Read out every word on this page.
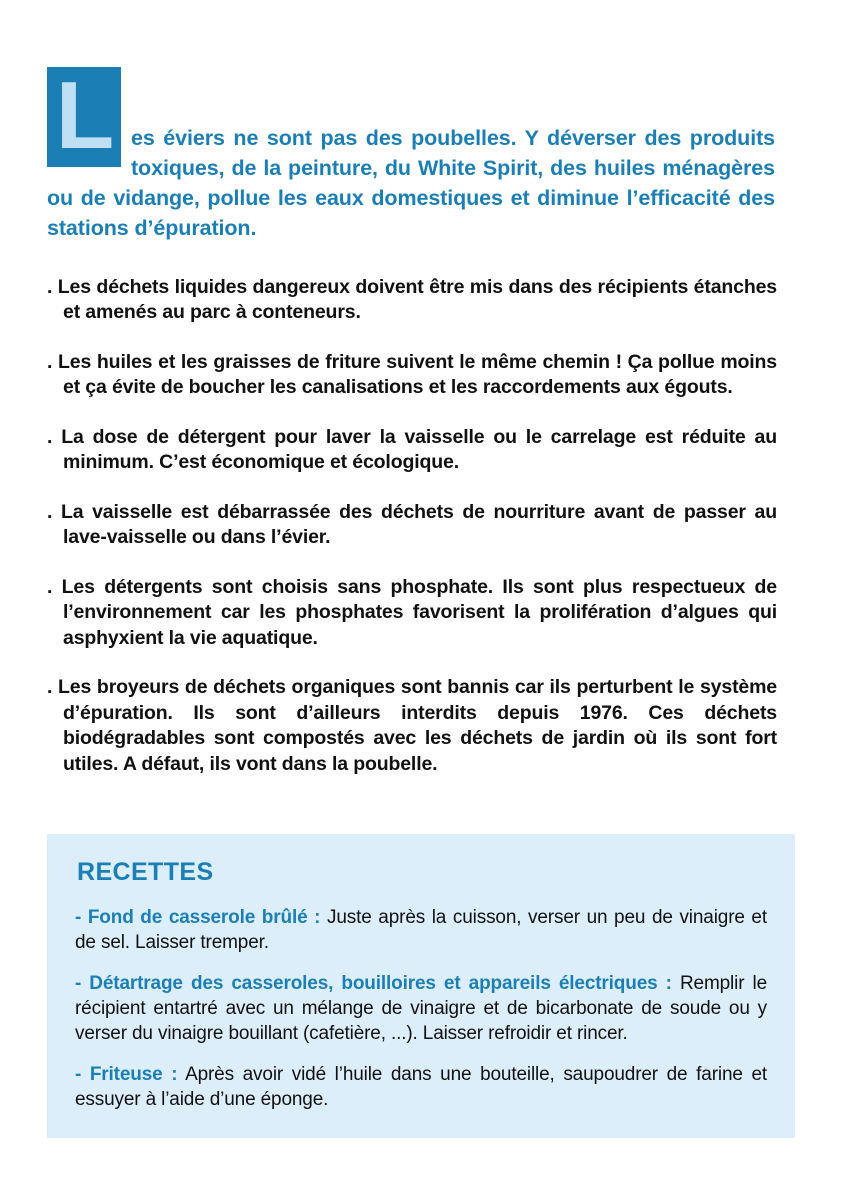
L es éviers ne sont pas des poubelles. Y déverser des produits toxiques, de la peinture, du White Spirit, des huiles ménagères ou de vidange, pollue les eaux domestiques et diminue l’efficacité des stations d’épuration.

. Les déchets liquides dangereux doivent être mis dans des récipients étanches et amenés au parc à conteneurs.

. Les huiles et les graisses de friture suivent le même chemin ! Ça pollue moins et ça évite de boucher les canalisations et les raccordements aux égouts.

. La dose de détergent pour laver la vaisselle ou le carrelage est réduite au minimum. C’est économique et écologique.

. La vaisselle est débarrassée des déchets de nourriture avant de passer au lave-vaisselle ou dans l’évier.

. Les détergents sont choisis sans phosphate. Ils sont plus respectueux de l’environnement car les phosphates favorisent la prolifération d’algues qui asphyxient la vie aquatique.

. Les broyeurs de déchets organiques sont bannis car ils perturbent le système d’épuration. Ils sont d’ailleurs interdits depuis 1976. Ces déchets biodégradables sont compostés avec les déchets de jardin où ils sont fort utiles. A défaut, ils vont dans la poubelle.

RECETTES

- Fond de casserole brûlé : Juste après la cuisson, verser un peu de vinaigre et de sel. Laisser tremper.

- Détartrage des casseroles, bouilloires et appareils électriques : Remplir le récipient entartré avec un mélange de vinaigre et de bicarbonate de soude ou y verser du vinaigre bouillant (cafetière, ...). Laisser refroidir et rincer.

- Friteuse : Après avoir vidé l’huile dans une bouteille, saupoudrer de farine et essuyer à l’aide d’une éponge.
